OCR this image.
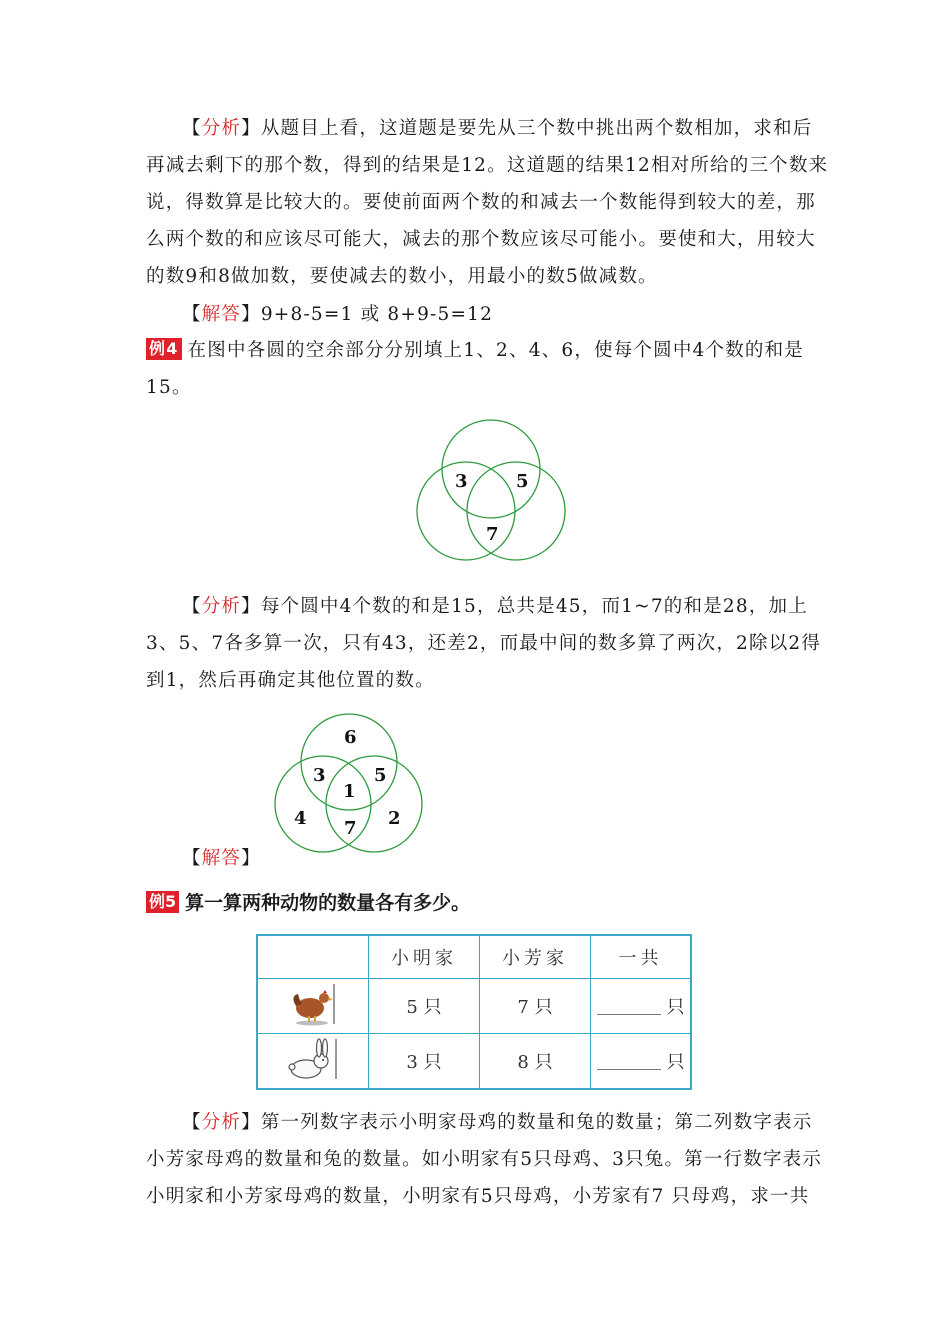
【分析】从题目上看，这道题是要先从三个数中挑出两个数相加，求和后
再减去剩下的那个数，得到的结果是12。这道题的结果12相对所给的三个数来
说，得数算是比较大的。要使前面两个数的和减去一个数能得到较大的差，那
么两个数的和应该尽可能大，减去的那个数应该尽可能小。要使和大，用较大
的数9和8做加数，要使减去的数小，用最小的数5做减数。
【解答】9+8-5=1 或 8+9-5=12
例4 在图中各圆的空余部分分别填上1、2、4、6，使每个圆中4个数的和是
15。
3	5
7
【分析】每个圆中4个数的和是15，总共是45，而1~7的和是28，加上
3、5、7各多算一次，只有43，还差2，而最中间的数多算了两次，2除以2得
到1，然后再确定其他位置的数。
6
3	5
1
4 7 2
【解答】
例5 算一算两种动物的数量各有多少。
	小明家	小芳家	一共
	5 只	7 只	只
	3 只	8 只	只
【分析】第一列数字表示小明家母鸡的数量和兔的数量；第二列数字表示
小芳家母鸡的数量和兔的数量。如小明家有5只母鸡、3只兔。第一行数字表示
小明家和小芳家母鸡的数量，小明家有5只母鸡，小芳家有7 只母鸡，求一共
